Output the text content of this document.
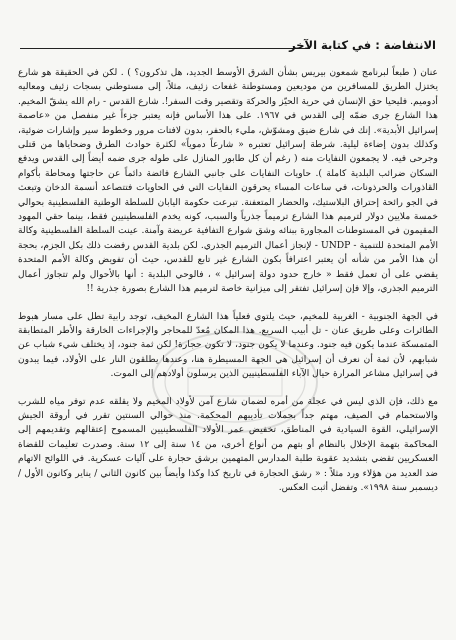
الانتفاضة : في كتابة الآخر

عنان ( طبعاً لبرنامج شمعون بيريس بشأن الشرق الأوسط الجديد، هل تذكرون؟ ) . لكن في الحقيقة هو شارع يختزل الطريق للمسافرين من موديعين ومستوطنة غفعات زئيف، مثلاً، إلى مستوطني بسجات زئيف ومعاليه أدوميم. فليحيا حق الإنسان في حرية الحيّز والحركة وتقصير وقت السفر!. شارع القدس - رام الله يشقّ المخيم. هذا الشارع جرى ضمّه إلى القدس في ١٩٦٧. على هذا الأساس فإنه يعتبر جزءاً غير منفصل من «عاصمة إسرائيل الأبدية». إنك في شارع ضيق ومشوّش، مليء بالحفر، بدون لافتات مرور وخطوط سير وإشارات ضوئية، وكذلك بدون إضاءة ليلية. شرطة إسرائيل تعتبره « شارعاً دموياً» لكثرة حوادث الطرق وضحاياها من قتلى وجرحى فيه. لا يجمعون النفايات منه ( رغم أن كل طابور المنازل على طوله جرى ضمه أيضاً إلى القدس ويدفع السكان ضرائب البلدية كاملة ). حاويات النفايات على جانبي الشارع فائضة دائماً عن حاجتها ومحاطة بأكوام القاذورات والحرذونات، في ساعات المساء يحرقون النفايات التي في الحاويات فتتصاعد أنسمة الدخان وتبعث في الجو رائحة إحتراق البلاستيك، والحضار المتعفنة. تبرعت حكومة اليابان للسلطة الوطنية الفلسطينية بحوالي خمسة ملايين دولار لترميم هذا الشارع ترميماً جذرياً والسبب، كونه يخدم الفلسطينيين فقط، بينما حقي المهود المقيمون في المستوطنات المجاورة ببنائه وشق شوارع التفافية عريضة وآمنة. عينت السلطة الفلسطينية وكالة الأمم المتحدة للتنمية - UNDP - لإنجاز أعمال الترميم الجذري. لكن بلدية القدس رفضت ذلك بكل الجزم، بحجة أن هذا الأمر من شأنه أن يعتبر اعترافاً بكون الشارع غير تابع للقدس، حيث أن تفويض وكالة الأمم المتحدة يقضي على أن تعمل فقط « خارج حدود دولة إسرائيل » ، فالوحي البلدية : أنها بالأحوال ولم تتجاوز أعمال الترميم الجذري، وإلا فإن إسرائيل تفتقر إلى ميزانية خاصة لترميم هذا الشارع بصورة جذرية !!

في الجهة الجنوبية - الغربية للمخيم، حيث يلتوي فعلياً هذا الشارع المخيف، توجد رابية تطل على مسار هبوط الطائرات وعلى طريق عنان - تل أبيب السريع. هذا المكان مُعدّ للمحاجر والإجراءات الخارقة والأطر المتطابقة المتمسكة عندما يكون فيه جنود. وعندما لا يكون جنود، لا تكون حجارة! لكن ثمة جنود، إذ يختلف شيء شباب عن شبابهم، لأن ثمة أن نعرف أن إسرائيل هي الجهة المسيطرة هنا، وعندها يطلقون النار على الأولاد، فيما يبدون في إسرائيل مشاعر المرارة حيال الآباء الفلسطينيين الذين يرسلون أولادهم إلى الموت.

مع ذلك، فإن الذي ليس في عجلة من أمره لضمان شارع آمن لأولاد المخيم ولا يقلقه عدم توفر مياه للشرب والاستحمام في الصيف، مهتم جداً بحملات تأديبهم المحكمة. منذ حوالي السنتين تقرر في أروقة الجيش الإسرائيلي، القوة السيادية في المناطق، تخفيض عمر الأولاد الفلسطينيين المسموح إعتقالهم وتقديمهم إلى المحاكمة بتهمة الإخلال بالنظام أو بتهم من أنواع أخرى، من ١٤ سنة إلى ١٢ سنة. وصدرت تعليمات للقضاة العسكريين تقضي بتشديد عقوبة طلبة المدارس المتهمين برشق حجارة على آليات عسكرية. في اللوائح الاتهام ضد العديد من هؤلاء ورد مثلاً : « رشق الحجارة في تاريخ كذا وكذا وأيضاً بين كانون الثاني / يناير وكانون الأول / ديسمبر سنة ١٩٩٨». وتفضل أثبت العكس.
